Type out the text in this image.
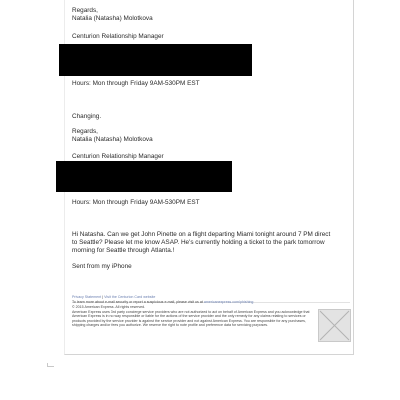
Regards,
Natalia (Natasha) Molotkova
Centurion Relationship Manager
Hours: Mon through Friday 9AM-530PM EST
Changing.
Regards,
Natalia (Natasha) Molotkova
Centurion Relationship Manager
Hours: Mon through Friday 9AM-530PM EST
Hi Natasha. Can we get John Pinette on a flight departing Miami tonight around 7 PM direct
to Seattle? Please let me know ASAP. He's currently holding a ticket to the park tomorrow
morning for Seattle through Atlanta.!
Sent from my iPhone
Privacy Statement | Visit the Centurion Card website
To learn more about e-mail security or report a suspicious e-mail, please visit us at americanexpress.com/phishing
© 2015 American Express. All rights reserved.
American Express uses 3rd party concierge service providers who are not authorized to act on behalf of American Express and you acknowledge that American Express is in no way responsible or liable for the actions of the service provider and the only remedy for any claims relating to services or products provided by the service provider is against the service provider and not against American Express. You are responsible for any purchases, shipping charges and/or fees you authorize. We reserve the right to note profile and preference data for servicing purposes.
